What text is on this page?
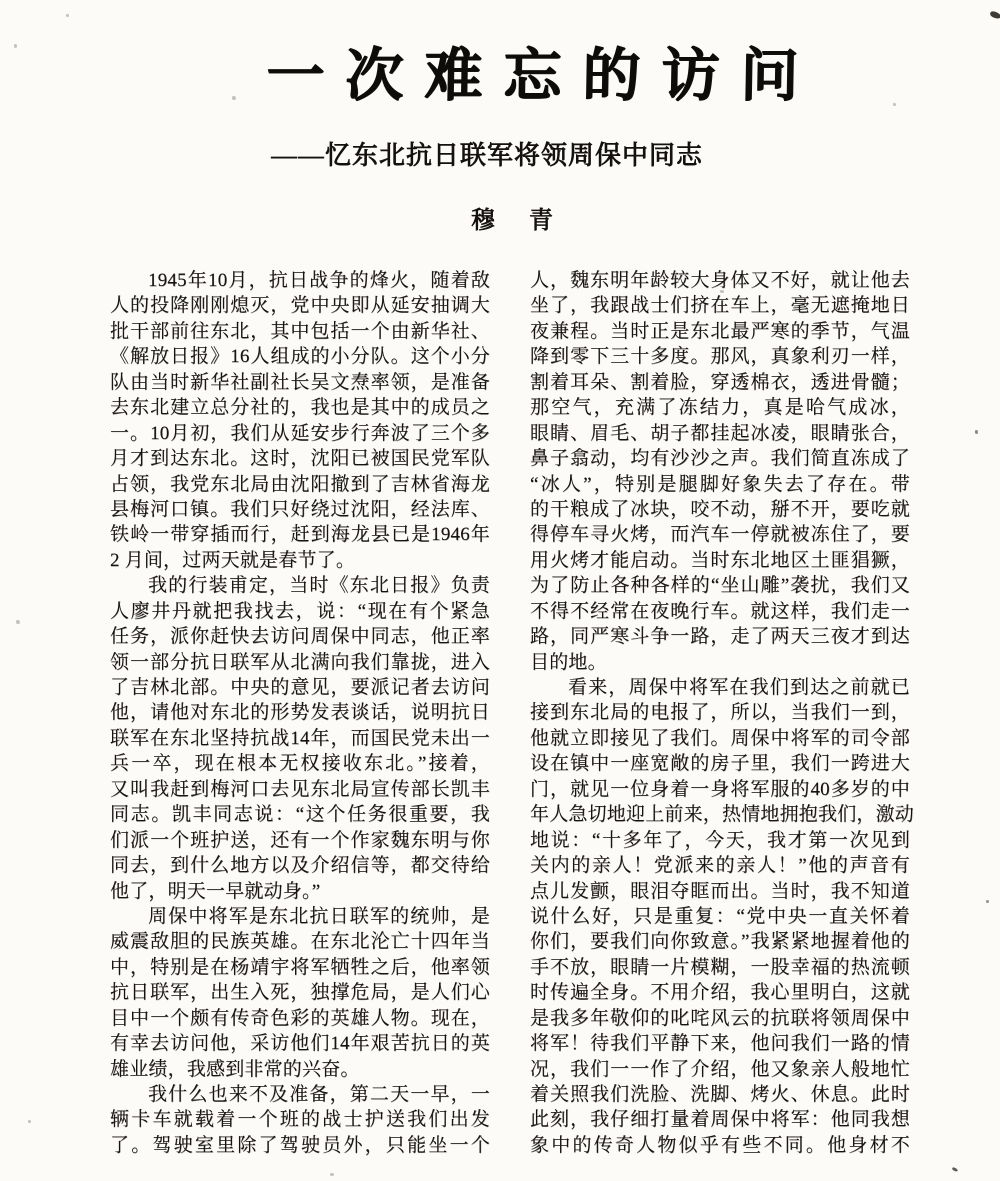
一次难忘的访问
——忆东北抗日联军将领周保中同志
穆 青
1945年10月，抗日战争的烽火，随着敌
人的投降刚刚熄灭，党中央即从延安抽调大
批干部前往东北，其中包括一个由新华社、
《解放日报》16人组成的小分队。这个小分
队由当时新华社副社长吴文焘率领，是准备
去东北建立总分社的，我也是其中的成员之
一。10月初，我们从延安步行奔波了三个多
月才到达东北。这时，沈阳已被国民党军队
占领，我党东北局由沈阳撤到了吉林省海龙
县梅河口镇。我们只好绕过沈阳，经法库、
铁岭一带穿插而行，赶到海龙县已是1946年
2 月间，过两天就是春节了。
我的行装甫定，当时《东北日报》负责
人廖井丹就把我找去，说：“现在有个紧急
任务，派你赶快去访问周保中同志，他正率
领一部分抗日联军从北满向我们靠拢，进入
了吉林北部。中央的意见，要派记者去访问
他，请他对东北的形势发表谈话，说明抗日
联军在东北坚持抗战14年，而国民党未出一
兵一卒，现在根本无权接收东北。”接着，
又叫我赶到梅河口去见东北局宣传部长凯丰
同志。凯丰同志说：“这个任务很重要，我
们派一个班护送，还有一个作家魏东明与你
同去，到什么地方以及介绍信等，都交待给
他了，明天一早就动身。”
周保中将军是东北抗日联军的统帅，是
威震敌胆的民族英雄。在东北沦亡十四年当
中，特别是在杨靖宇将军牺牲之后，他率领
抗日联军，出生入死，独撑危局，是人们心
目中一个颇有传奇色彩的英雄人物。现在，
有幸去访问他，采访他们14年艰苦抗日的英
雄业绩，我感到非常的兴奋。
我什么也来不及准备，第二天一早，一
辆卡车就载着一个班的战士护送我们出发
了。驾驶室里除了驾驶员外，只能坐一个
人，魏东明年龄较大身体又不好，就让他去
坐了，我跟战士们挤在车上，毫无遮掩地日
夜兼程。当时正是东北最严寒的季节，气温
降到零下三十多度。那风，真象利刃一样，
割着耳朵、割着脸，穿透棉衣，透进骨髓；
那空气，充满了冻结力，真是哈气成冰，
眼睛、眉毛、胡子都挂起冰凌，眼睛张合，
鼻子翕动，均有沙沙之声。我们简直冻成了
“冰人”，特别是腿脚好象失去了存在。带
的干粮成了冰块，咬不动，掰不开，要吃就
得停车寻火烤，而汽车一停就被冻住了，要
用火烤才能启动。当时东北地区土匪猖獗，
为了防止各种各样的“坐山雕”袭扰，我们又
不得不经常在夜晚行车。就这样，我们走一
路，同严寒斗争一路，走了两天三夜才到达
目的地。
看来，周保中将军在我们到达之前就已
接到东北局的电报了，所以，当我们一到，
他就立即接见了我们。周保中将军的司令部
设在镇中一座宽敞的房子里，我们一跨进大
门，就见一位身着一身将军服的40多岁的中
年人急切地迎上前来，热情地拥抱我们，激动
地说：“十多年了，今天，我才第一次见到
关内的亲人！党派来的亲人！”他的声音有
点儿发颤，眼泪夺眶而出。当时，我不知道
说什么好，只是重复：“党中央一直关怀着
你们，要我们向你致意。”我紧紧地握着他的
手不放，眼睛一片模糊，一股幸福的热流顿
时传遍全身。不用介绍，我心里明白，这就
是我多年敬仰的叱咤风云的抗联将领周保中
将军！待我们平静下来，他问我们一路的情
况，我们一一作了介绍，他又象亲人般地忙
着关照我们洗脸、洗脚、烤火、休息。此时
此刻，我仔细打量着周保中将军：他同我想
象中的传奇人物似乎有些不同。他身材不
